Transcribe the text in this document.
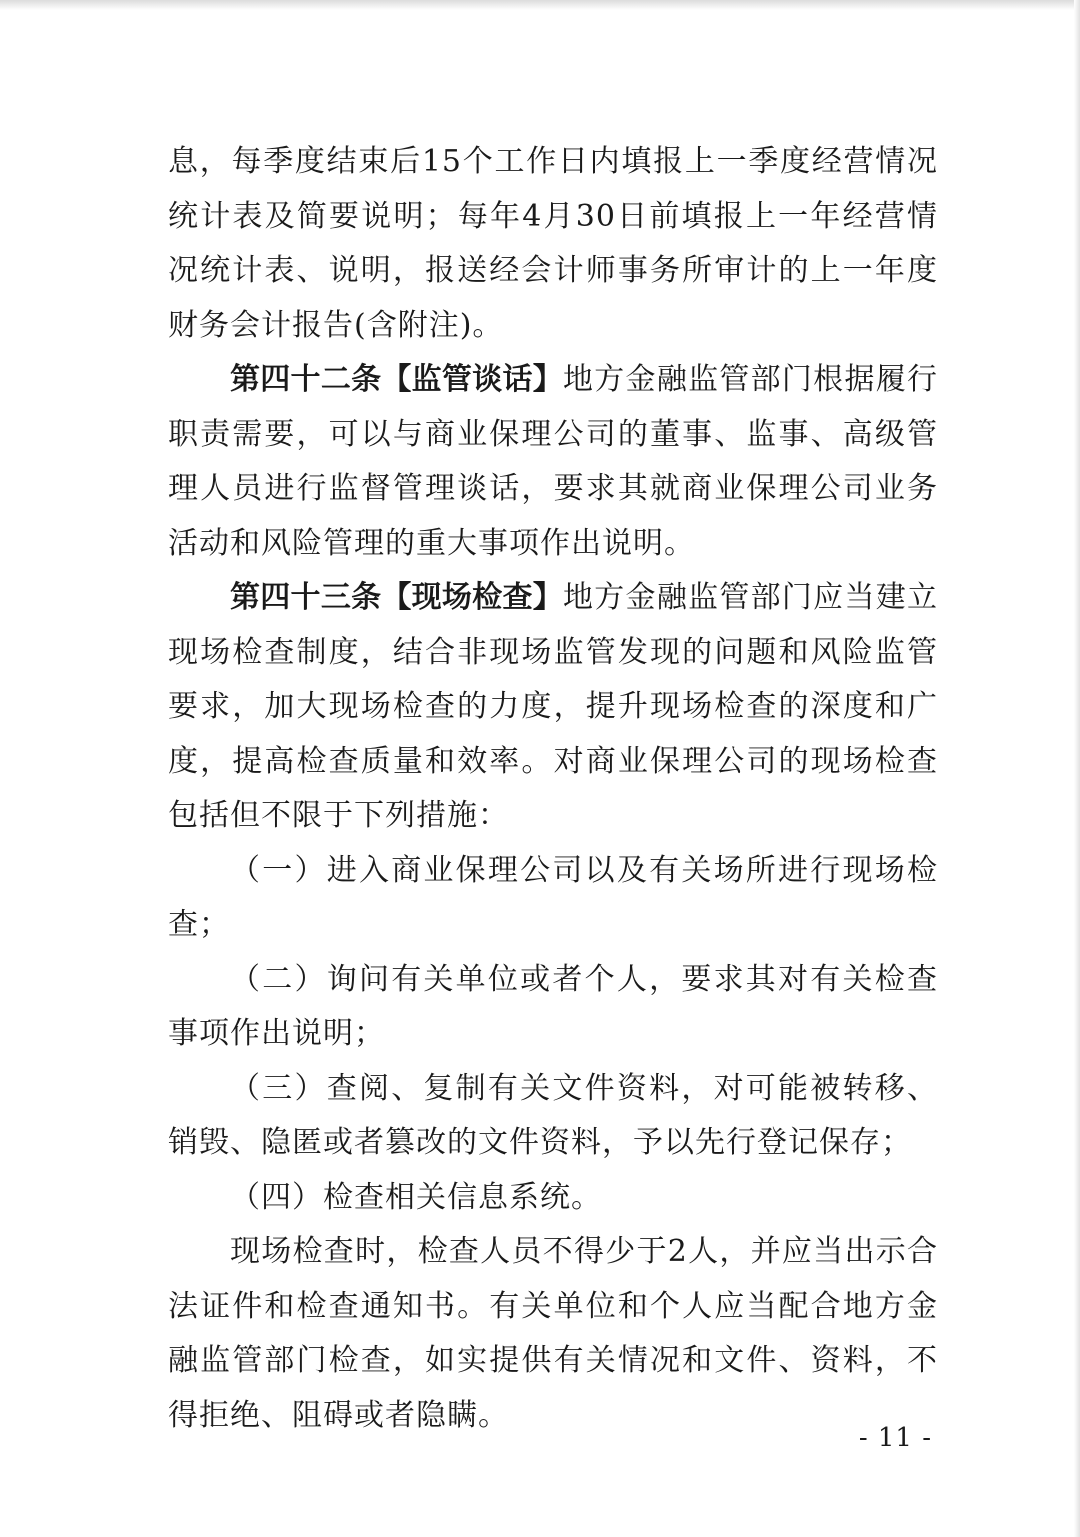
息，每季度结束后15个工作日内填报上一季度经营情况统计表及简要说明；每年4月30日前填报上一年经营情况统计表、说明，报送经会计师事务所审计的上一年度财务会计报告(含附注)。

第四十二条【监管谈话】地方金融监管部门根据履行职责需要，可以与商业保理公司的董事、监事、高级管理人员进行监督管理谈话，要求其就商业保理公司业务活动和风险管理的重大事项作出说明。

第四十三条【现场检查】地方金融监管部门应当建立现场检查制度，结合非现场监管发现的问题和风险监管要求，加大现场检查的力度，提升现场检查的深度和广度，提高检查质量和效率。对商业保理公司的现场检查包括但不限于下列措施：

（一）进入商业保理公司以及有关场所进行现场检查；

（二）询问有关单位或者个人，要求其对有关检查事项作出说明；

（三）查阅、复制有关文件资料，对可能被转移、销毁、隐匿或者篡改的文件资料，予以先行登记保存；

（四）检查相关信息系统。

现场检查时，检查人员不得少于2人，并应当出示合法证件和检查通知书。有关单位和个人应当配合地方金融监管部门检查，如实提供有关情况和文件、资料，不得拒绝、阻碍或者隐瞒。

- 11 -
